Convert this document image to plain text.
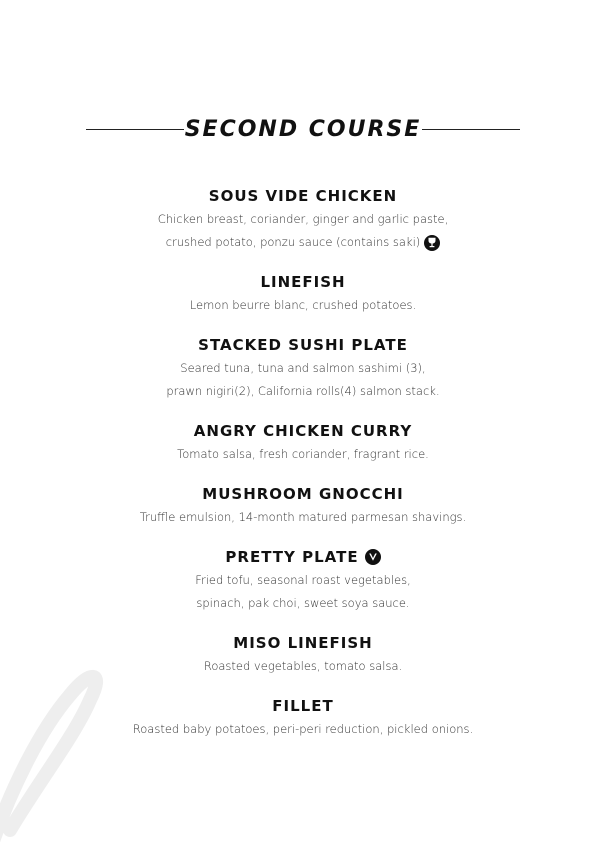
SECOND COURSE
SOUS VIDE CHICKEN
Chicken breast, coriander, ginger and garlic paste,
crushed potato, ponzu sauce (contains saki)
LINEFISH
Lemon beurre blanc, crushed potatoes.
STACKED SUSHI PLATE
Seared tuna, tuna and salmon sashimi (3),
prawn nigiri(2), California rolls(4) salmon stack.
ANGRY CHICKEN CURRY
Tomato salsa, fresh coriander, fragrant rice.
MUSHROOM GNOCCHI
Truffle emulsion, 14-month matured parmesan shavings.
PRETTY PLATE
Fried tofu, seasonal roast vegetables,
spinach, pak choi, sweet soya sauce.
MISO LINEFISH
Roasted vegetables, tomato salsa.
FILLET
Roasted baby potatoes, peri-peri reduction, pickled onions.
